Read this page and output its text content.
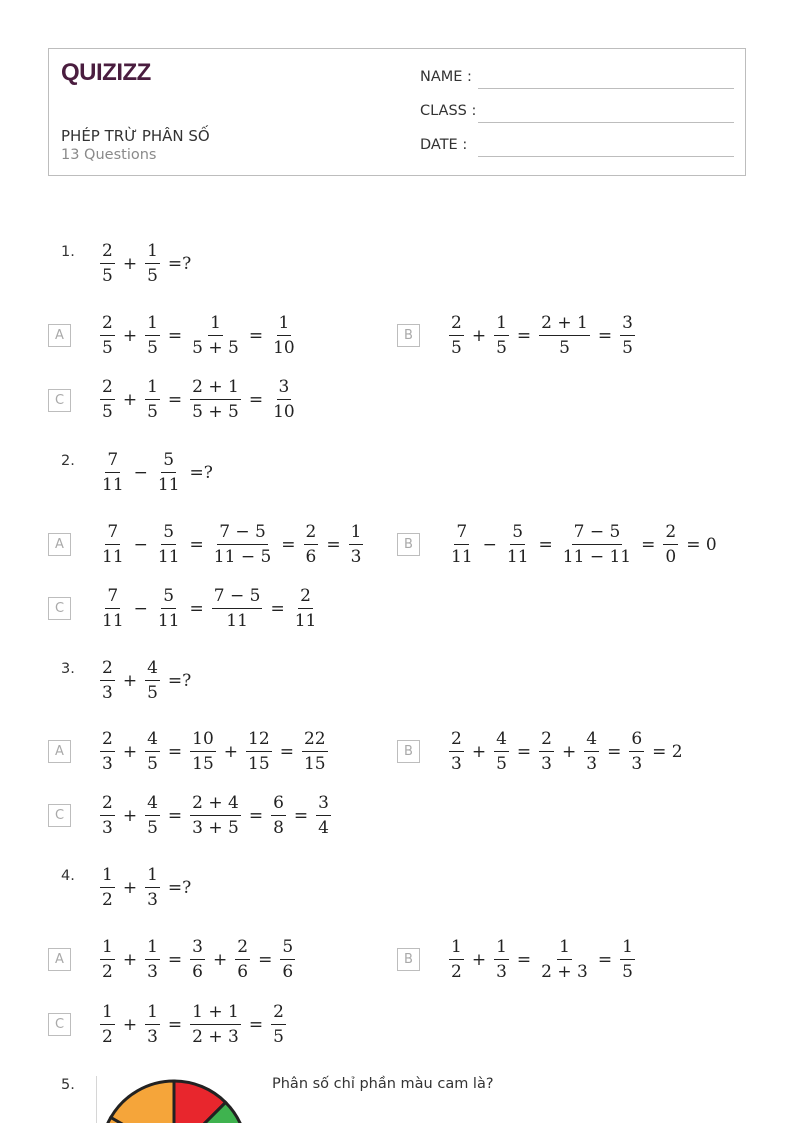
QUIZIZZ
PHÉP TRỪ PHÂN SỐ
13 Questions
NAME :
CLASS :
DATE :
1. $\frac{2}{5} + \frac{1}{5}$ =?
A	$\frac{2}{5} + \frac{1}{5} = \frac{1}{5 + 5} = \frac{1}{10}$	B	$\frac{2}{5} + \frac{1}{5} = \frac{2 + 1}{5} = \frac{3}{5}$
C	$\frac{2}{5} + \frac{1}{5} = \frac{2 + 1}{5 + 5} = \frac{3}{10}$
2. $\frac{7}{11} - \frac{5}{11}$ =?
A	$\frac{7}{11} - \frac{5}{11} = \frac{7 - 5}{11 - 5} = \frac{2}{6} = \frac{1}{3}$	B	$\frac{7}{11} - \frac{5}{11} = \frac{7 - 5}{11 - 11} = \frac{2}{0} = 0$
C	$\frac{7}{11} - \frac{5}{11} = \frac{7 - 5}{11} = \frac{2}{11}$
3. $\frac{2}{3} + \frac{4}{5}$ =?
A	$\frac{2}{3} + \frac{4}{5} = \frac{10}{15} + \frac{12}{15} = \frac{22}{15}$	B	$\frac{2}{3} + \frac{4}{5} = \frac{2}{3} + \frac{4}{3} = \frac{6}{3} = 2$
C	$\frac{2}{3} + \frac{4}{5} = \frac{2 + 4}{3 + 5} = \frac{6}{8} = \frac{3}{4}$
4. $\frac{1}{2} + \frac{1}{3}$ =?
A	$\frac{1}{2} + \frac{1}{3} = \frac{3}{6} + \frac{2}{6} = \frac{5}{6}$	B	$\frac{1}{2} + \frac{1}{3} = \frac{1}{2 + 3} = \frac{1}{5}$
C	$\frac{1}{2} + \frac{1}{3} = \frac{1 + 1}{2 + 3} = \frac{2}{5}$
5.	Phân số chỉ phần màu cam là?
